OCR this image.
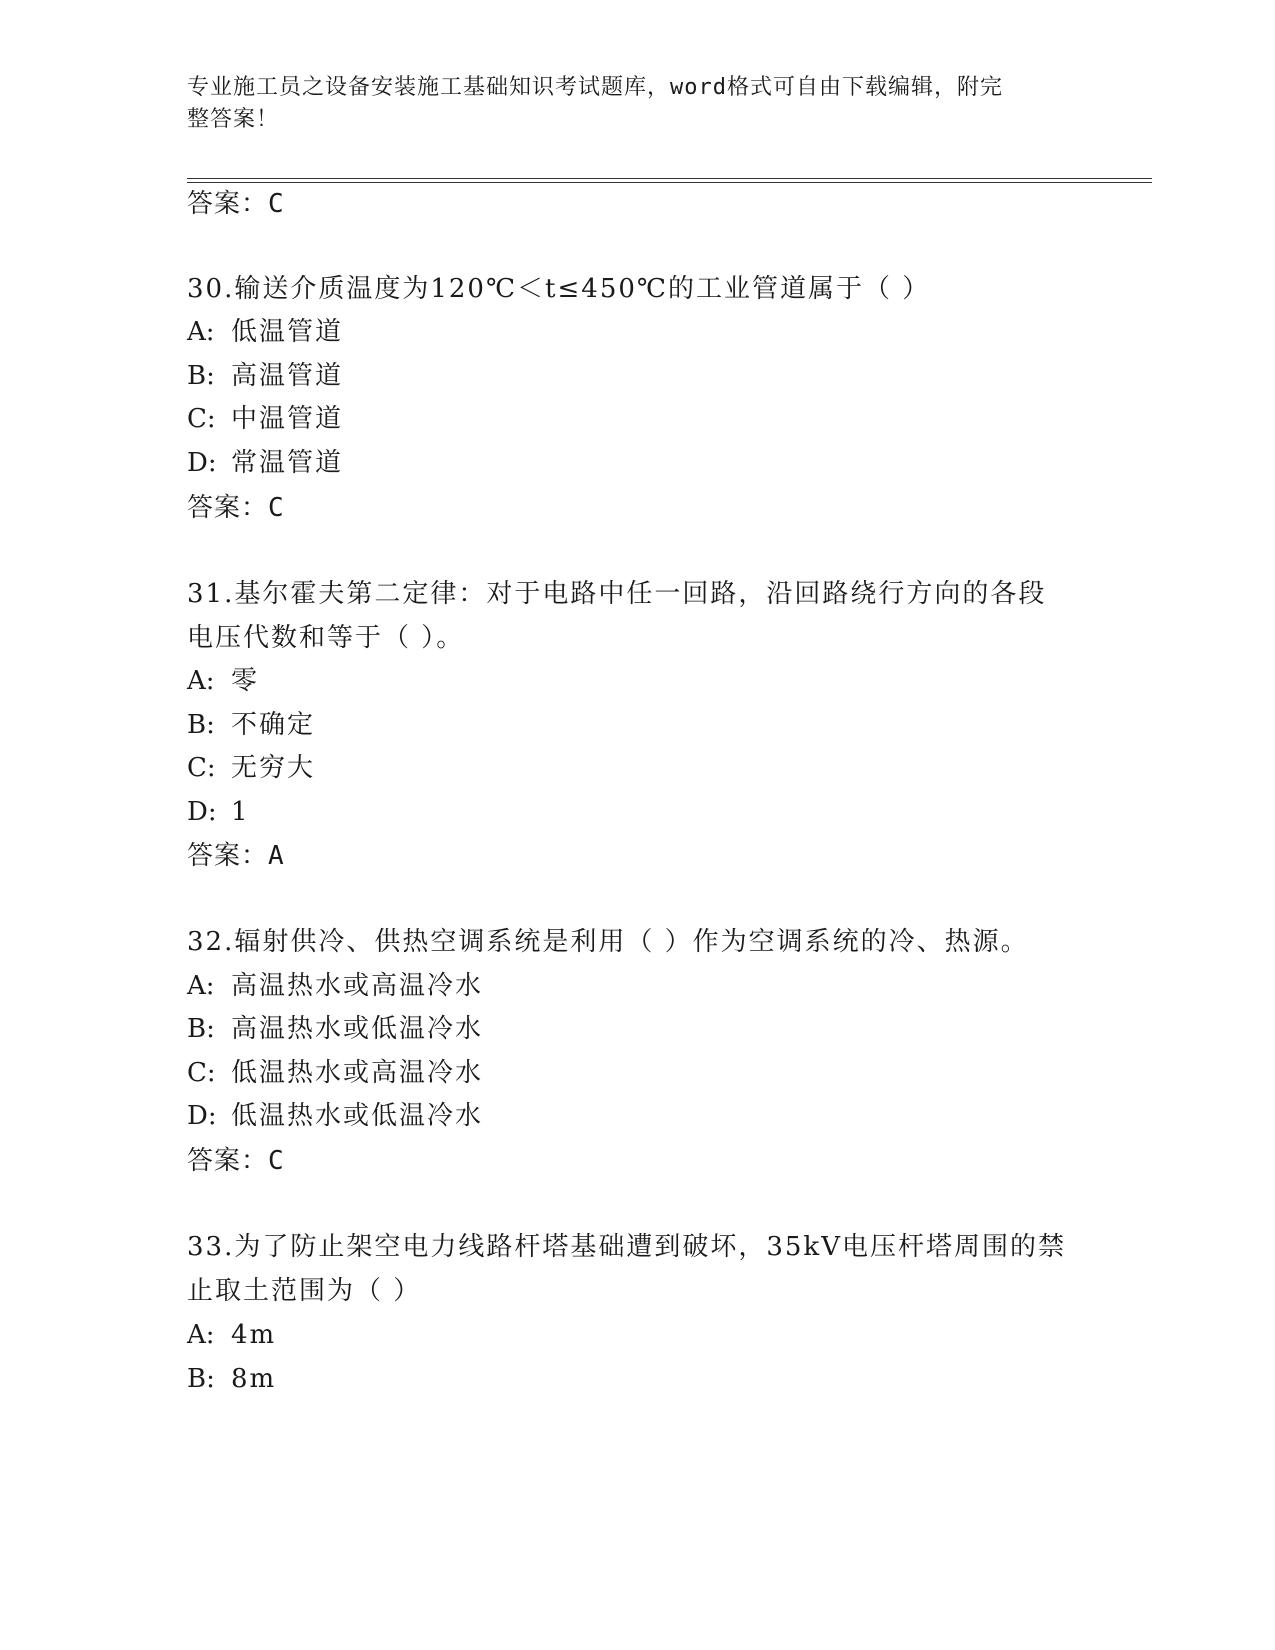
专业施工员之设备安装施工基础知识考试题库，word格式可自由下载编辑，附完
整答案！
答案：C
30.输送介质温度为120℃＜t≤450℃的工业管道属于（ ）
A: 低温管道
B: 高温管道
C: 中温管道
D: 常温管道
答案：C
31.基尔霍夫第二定律：对于电路中任一回路，沿回路绕行方向的各段
电压代数和等于（ ）。
A: 零
B: 不确定
C: 无穷大
D: 1
答案：A
32.辐射供冷、供热空调系统是利用（ ）作为空调系统的冷、热源。
A: 高温热水或高温冷水
B: 高温热水或低温冷水
C: 低温热水或高温冷水
D: 低温热水或低温冷水
答案：C
33.为了防止架空电力线路杆塔基础遭到破坏，35kV电压杆塔周围的禁
止取土范围为（ ）
A: 4m
B: 8m
